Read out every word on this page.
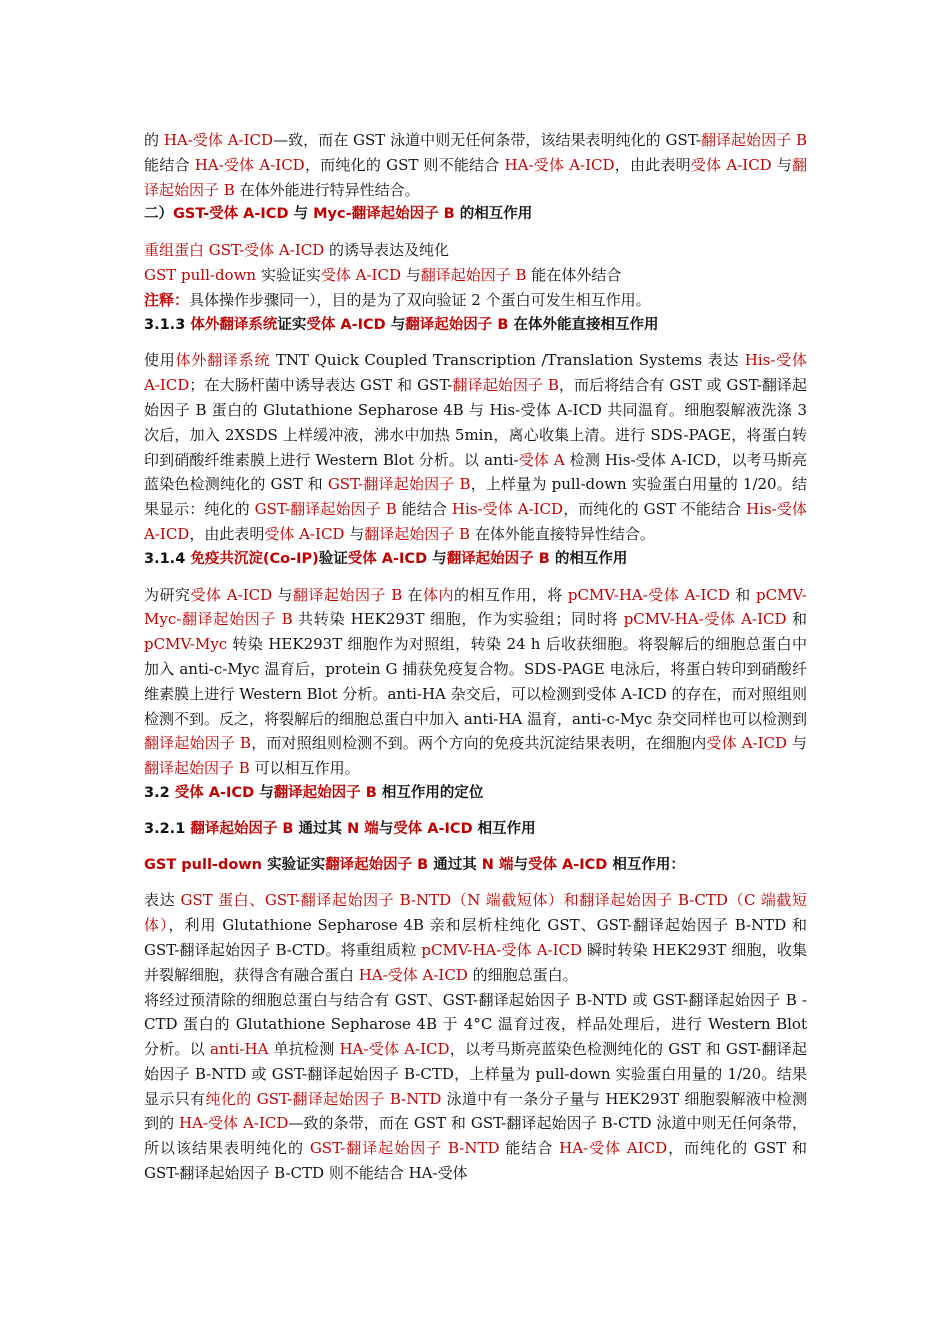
的 HA-受体 A-ICD—致，而在 GST 泳道中则无任何条带，该结果表明纯化的 GST-翻译起始因子 B 能结合 HA-受体 A-ICD，而纯化的 GST 则不能结合 HA-受体 A-ICD，由此表明受体 A-ICD 与翻译起始因子 B 在体外能进行特异性结合。

二）GST-受体 A-ICD 与 Myc-翻译起始因子 B 的相互作用

重组蛋白 GST-受体 A-ICD 的诱导表达及纯化

GST pull-down 实验证实受体 A-ICD 与翻译起始因子 B 能在体外结合

注释：具体操作步骤同一），目的是为了双向验证 2 个蛋白可发生相互作用。

3.1.3 体外翻译系统证实受体 A-ICD 与翻译起始因子 B 在体外能直接相互作用

使用体外翻译系统 TNT Quick Coupled Transcription /Translation Systems 表达 His-受体 A-ICD；在大肠杆菌中诱导表达 GST 和 GST-翻译起始因子 B，而后将结合有 GST 或 GST-翻译起始因子 B 蛋白的 Glutathione Sepharose 4B 与 His-受体 A-ICD 共同温育。细胞裂解液洗涤 3 次后，加入 2XSDS 上样缓冲液，沸水中加热 5min，离心收集上清。进行 SDS-PAGE，将蛋白转印到硝酸纤维素膜上进行 Western Blot 分析。以 anti-受体 A 检测 His-受体 A-ICD，以考马斯亮蓝染色检测纯化的 GST 和 GST-翻译起始因子 B，上样量为 pull-down 实验蛋白用量的 1/20。结果显示：纯化的 GST-翻译起始因子 B 能结合 His-受体 A-ICD，而纯化的 GST 不能结合 His-受体 A-ICD，由此表明受体 A-ICD 与翻译起始因子 B 在体外能直接特异性结合。

3.1.4 免疫共沉淀(Co-IP)验证受体 A-ICD 与翻译起始因子 B 的相互作用

为研究受体 A-ICD 与翻译起始因子 B 在体内的相互作用，将 pCMV-HA-受体 A-ICD 和 pCMV-Myc-翻译起始因子 B 共转染 HEK293T 细胞，作为实验组；同时将 pCMV-HA-受体 A-ICD 和 pCMV-Myc 转染 HEK293T 细胞作为对照组，转染 24 h 后收获细胞。将裂解后的细胞总蛋白中加入 anti-c-Myc 温育后，protein G 捕获免疫复合物。SDS-PAGE 电泳后，将蛋白转印到硝酸纤维素膜上进行 Western Blot 分析。anti-HA 杂交后，可以检测到受体 A-ICD 的存在，而对照组则检测不到。反之，将裂解后的细胞总蛋白中加入 anti-HA 温育，anti-c-Myc 杂交同样也可以检测到翻译起始因子 B，而对照组则检测不到。两个方向的免疫共沉淀结果表明，在细胞内受体 A-ICD 与翻译起始因子 B 可以相互作用。

3.2 受体 A-ICD 与翻译起始因子 B 相互作用的定位

3.2.1 翻译起始因子 B 通过其 N 端与受体 A-ICD 相互作用

GST pull-down 实验证实翻译起始因子 B 通过其 N 端与受体 A-ICD 相互作用：

表达 GST 蛋白、GST-翻译起始因子 B-NTD（N 端截短体）和翻译起始因子 B-CTD（C 端截短体），利用 Glutathione Sepharose 4B 亲和层析柱纯化 GST、GST-翻译起始因子 B-NTD 和 GST-翻译起始因子 B-CTD。将重组质粒 pCMV-HA-受体 A-ICD 瞬时转染 HEK293T 细胞，收集并裂解细胞，获得含有融合蛋白 HA-受体 A-ICD 的细胞总蛋白。

将经过预清除的细胞总蛋白与结合有 GST、GST-翻译起始因子 B-NTD 或 GST-翻译起始因子 B -CTD 蛋白的 Glutathione Sepharose 4B 于 4°C 温育过夜，样品处理后，进行 Western Blot 分析。以 anti-HA 单抗检测 HA-受体 A-ICD，以考马斯亮蓝染色检测纯化的 GST 和 GST-翻译起始因子 B-NTD 或 GST-翻译起始因子 B-CTD，上样量为 pull-down 实验蛋白用量的 1/20。结果显示只有纯化的 GST-翻译起始因子 B-NTD 泳道中有一条分子量与 HEK293T 细胞裂解液中检测到的 HA-受体 A-ICD—致的条带，而在 GST 和 GST-翻译起始因子 B-CTD 泳道中则无任何条带，所以该结果表明纯化的 GST-翻译起始因子 B-NTD 能结合 HA-受体 AICD，而纯化的 GST 和 GST-翻译起始因子 B-CTD 则不能结合 HA-受体
